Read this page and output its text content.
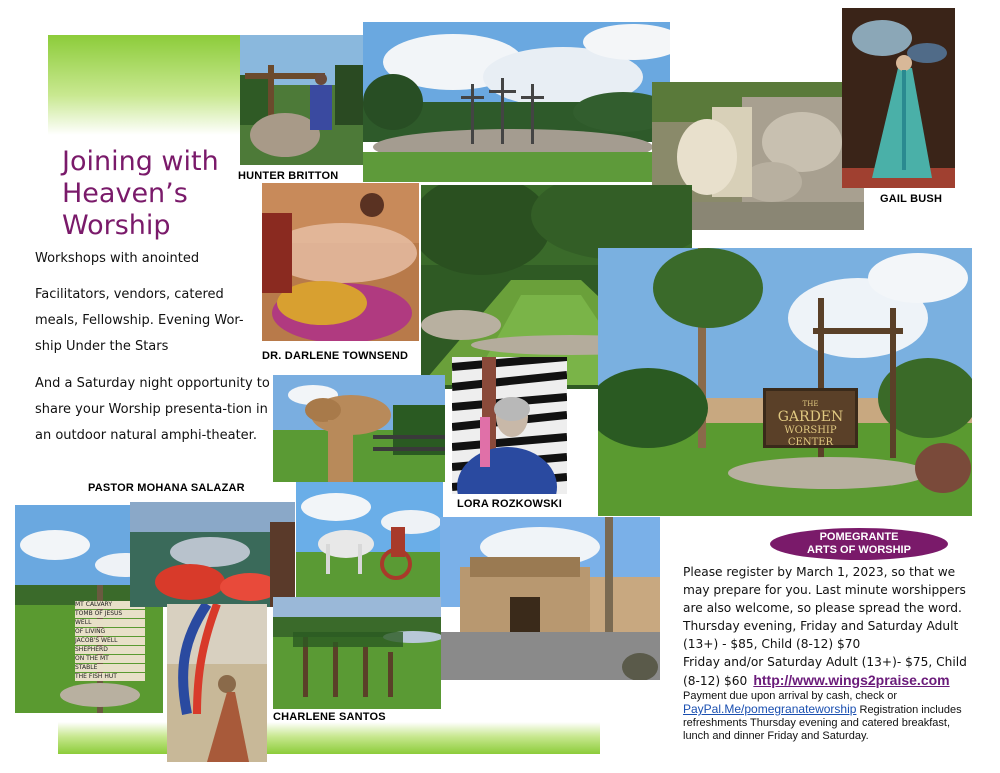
Joining with
Heaven’s
Worship
Workshops with anointed
Facilitators, vendors, catered meals, Fellowship. Evening Wor-ship Under the Stars
And a Saturday night opportunity to share your Worship presenta-tion in an outdoor natural amphi-theater.
HUNTER BRITTON
GAIL BUSH
DR. DARLENE TOWNSEND
THE
GARDEN
WORSHIP CENTER
PASTOR MOHANA SALAZAR
LORA ROZKOWSKI
MT CALVARY
TOMB OF JESUS
WELL
OF LIVING
JACOB'S WELL
SHEPHERD
ON THE MT
STABLE
THE FISH HUT
CHARLENE SANTOS
POMEGRANTE
ARTS OF WORSHIP

Please register by March 1, 2023, so that we may prepare for you. Last minute worshippers are also welcome, so please spread the word.

Thursday evening, Friday and Saturday Adult (13+) - $85, Child (8-12) $70

Friday and/or Saturday Adult (13+)- $75, Child (8-12) $60 http://www.wings2praise.com

Payment due upon arrival by cash, check or
PayPal.Me/pomegranateworship Registration includes refreshments Thursday evening and catered breakfast, lunch and dinner Friday and Saturday.
